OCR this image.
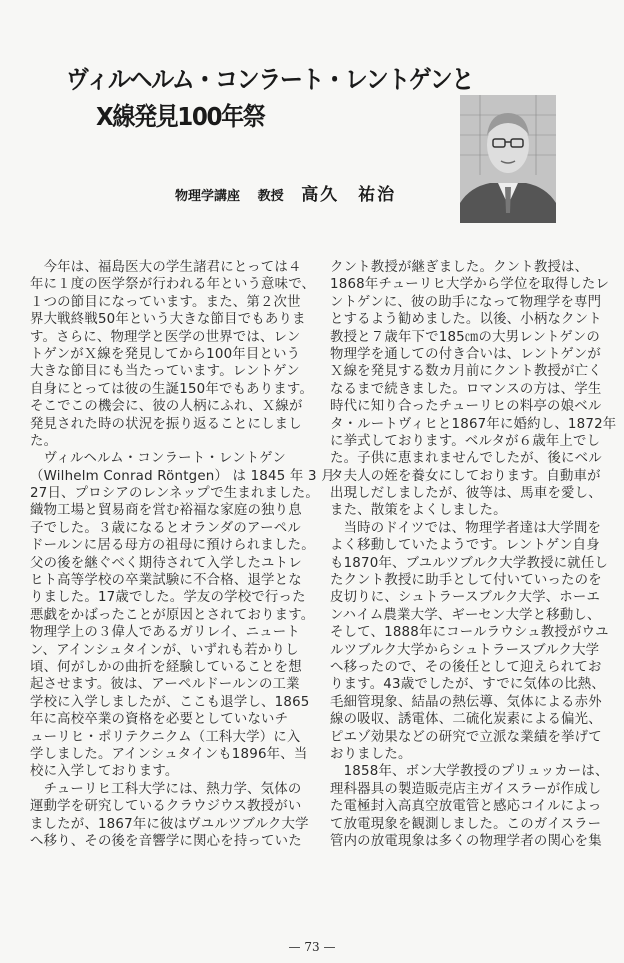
ヴィルヘルム・コンラート・レントゲンと
X線発見100年祭
物理学講座 教授 高久　祐治
　今年は、福島医大の学生諸君にとっては４
年に１度の医学祭が行われる年という意味で、
１つの節目になっています。また、第２次世
界大戦終戦50年という大きな節目でもありま
す。さらに、物理学と医学の世界では、レン
トゲンがＸ線を発見してから100年目という
大きな節目にも当たっています。レントゲン
自身にとっては彼の生誕150年でもあります。
そこでこの機会に、彼の人柄にふれ、Ｘ線が
発見された時の状況を振り返ることにしまし
た。
　ヴィルヘルム・コンラート・レントゲン
（Wilhelm Conrad Röntgen） は 1845 年 3 月
27日、プロシアのレンネップで生まれました。
織物工場と貿易商を営む裕福な家庭の独り息
子でした。３歳になるとオランダのアーペル
ドールンに居る母方の祖母に預けられました。
父の後を継ぐべく期待されて入学したユトレ
ヒト高等学校の卒業試験に不合格、退学とな
りました。17歳でした。学友の学校で行った
悪戯をかばったことが原因とされております。
物理学上の３偉人であるガリレイ、ニュート
ン、アインシュタインが、いずれも若かりし
頃、何がしかの曲折を経験していることを想
起させます。彼は、アーペルドールンの工業
学校に入学しましたが、ここも退学し、1865
年に高校卒業の資格を必要としていないチ
ューリヒ・ポリテクニクム（工科大学）に入
学しました。アインシュタインも1896年、当
校に入学しております。
　チューリヒ工科大学には、熱力学、気体の
運動学を研究しているクラウジウス教授がい
ましたが、1867年に彼はヴユルツブルク大学
へ移り、その後を音響学に関心を持っていた
クント教授が継ぎました。クント教授は、
1868年チューリヒ大学から学位を取得したレ
ントゲンに、彼の助手になって物理学を専門
とするよう勧めました。以後、小柄なクント
教授と７歳年下で185㎝の大男レントゲンの
物理学を通しての付き合いは、レントゲンが
Ｘ線を発見する数カ月前にクント教授が亡く
なるまで続きました。ロマンスの方は、学生
時代に知り合ったチューリヒの料亭の娘ベル
タ・ルートヴィヒと1867年に婚約し、1872年
に挙式しております。ベルタが６歳年上でし
た。子供に恵まれませんでしたが、後にベル
タ夫人の姪を養女にしております。自動車が
出現しだしましたが、彼等は、馬車を愛し、
また、散策をよくしました。
　当時のドイツでは、物理学者達は大学間を
よく移動していたようです。レントゲン自身
も1870年、ブユルツブルク大学教授に就任し
たクント教授に助手として付いていったのを
皮切りに、シュトラースブルク大学、ホーエ
ンハイム農業大学、ギーセン大学と移動し、
そして、1888年にコールラウシュ教授がウユ
ルツブルク大学からシュトラースブルク大学
へ移ったので、その後任として迎えられてお
ります。43歳でしたが、すでに気体の比熱、
毛細管現象、結晶の熱伝導、気体による赤外
線の吸収、誘電体、二硫化炭素による偏光、
ピエゾ効果などの研究で立派な業績を挙げて
おりました。
　1858年、ボン大学教授のプリュッカーは、
理科器具の製造販売店主ガイスラーが作成し
た電極封入高真空放電管と感応コイルによっ
て放電現象を観測しました。このガイスラー
管内の放電現象は多くの物理学者の関心を集
— 73 —
